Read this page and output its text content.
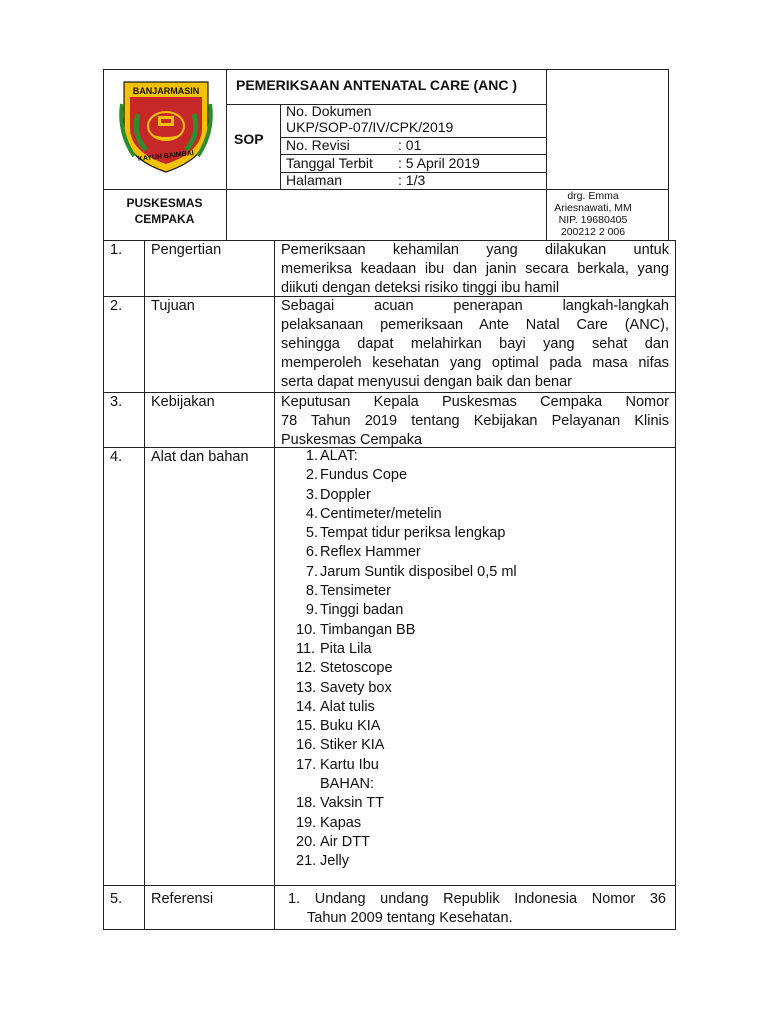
BANJARMASIN
KAYUH BAIMBAI
PEMERIKSAAN ANTENATAL CARE (ANC )
SOP
No. Dokumen
UKP/SOP-07/IV/CPK/2019
No. Revisi	: 01
Tanggal Terbit : 5 April 2019
Halaman	: 1/3
PUSKESMAS
CEMPAKA
drg. Emma
Ariesnawati, MM
NIP. 19680405
200212 2 006
1. Pengertian	Pemeriksaan kehamilan yang dilakukan untuk
memeriksa keadaan ibu dan janin secara berkala, yang
diikuti dengan deteksi risiko tinggi ibu hamil
2. Tujuan	Sebagai acuan penerapan langkah-langkah
pelaksanaan pemeriksaan Ante Natal Care (ANC),
sehingga dapat melahirkan bayi yang sehat dan
memperoleh kesehatan yang optimal pada masa nifas
serta dapat menyusui dengan baik dan benar
3. Kebijakan	Keputusan Kepala Puskesmas Cempaka Nomor
78 Tahun 2019 tentang Kebijakan Pelayanan Klinis
Puskesmas Cempaka
4. Alat dan bahan	1. ALAT:
2. Fundus Cope
3. Doppler
4. Centimeter/metelin
5. Tempat tidur periksa lengkap
6. Reflex Hammer
7. Jarum Suntik disposibel 0,5 ml
8. Tensimeter
9. Tinggi badan
10. Timbangan BB
11. Pita Lila
12. Stetoscope
13. Savety box
14. Alat tulis
15. Buku KIA
16. Stiker KIA
17. Kartu Ibu
BAHAN:
18. Vaksin TT
19. Kapas
20. Air DTT
21. Jelly
5. Referensi	1. Undang undang Republik Indonesia Nomor 36
Tahun 2009 tentang Kesehatan.
